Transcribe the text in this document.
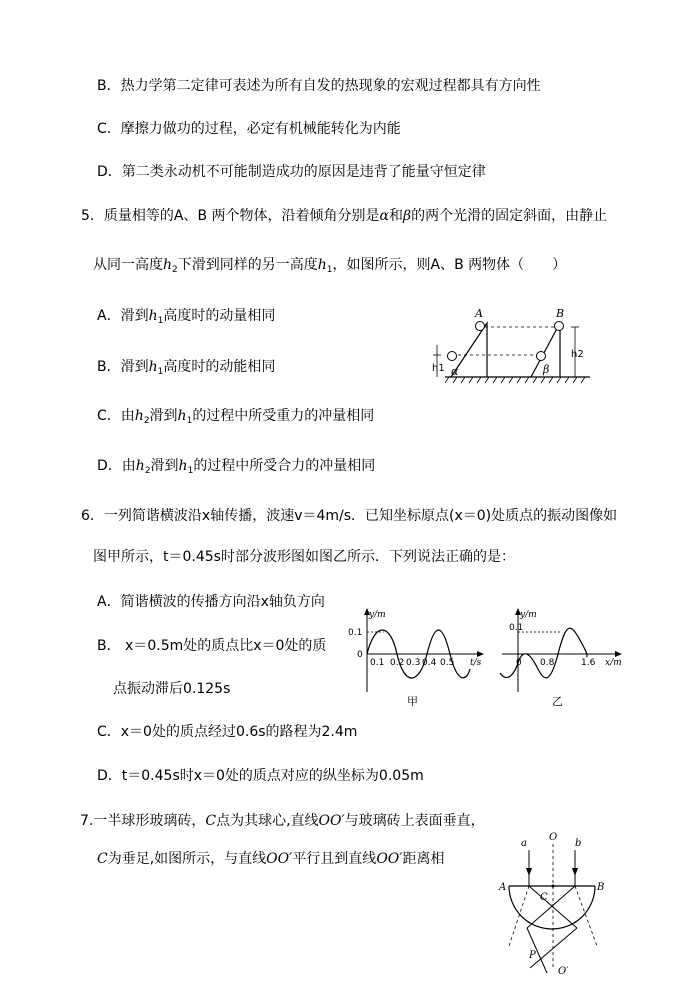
B．热力学第二定律可表述为所有自发的热现象的宏观过程都具有方向性
C．摩擦力做功的过程，必定有机械能转化为内能
D．第二类永动机不可能制造成功的原因是违背了能量守恒定律
5．质量相等的A、B 两个物体，沿着倾角分别是α和β的两个光滑的固定斜面，由静止
从同一高度$h_2$下滑到同样的另一高度$h_1$，如图所示，则A、B 两物体（　　）
A．滑到$h_1$高度时的动量相同
B．滑到$h_1$高度时的动能相同
C．由$h_2$滑到$h_1$的过程中所受重力的冲量相同
D．由$h_2$滑到$h_1$的过程中所受合力的冲量相同
A	B
h2
h1 α	β
6．一列简谐横波沿x轴传播，波速v＝4m/s．已知坐标原点(x＝0)处质点的振动图像如
图甲所示，t＝0.45s时部分波形图如图乙所示．下列说法正确的是：
A．简谐横波的传播方向沿x轴负方向
B． x＝0.5m处的质点比x＝0处的质
点振动滞后0.125s
C．x＝0处的质点经过0.6s的路程为2.4m
D．t＝0.45s时x＝0处的质点对应的纵坐标为0.05m
y/m
0.1
0
0.1 0.2 0.3 0.4 0.5 t/s
甲
y/m
0.1
0 0.8	1.6 x/m
乙
7.一半球形玻璃砖，C点为其球心,直线OO′与玻璃砖上表面垂直，
C为垂足,如图所示，与直线OO′平行且到直线OO′距离相
O
a	b
A	B
C
P
O′
